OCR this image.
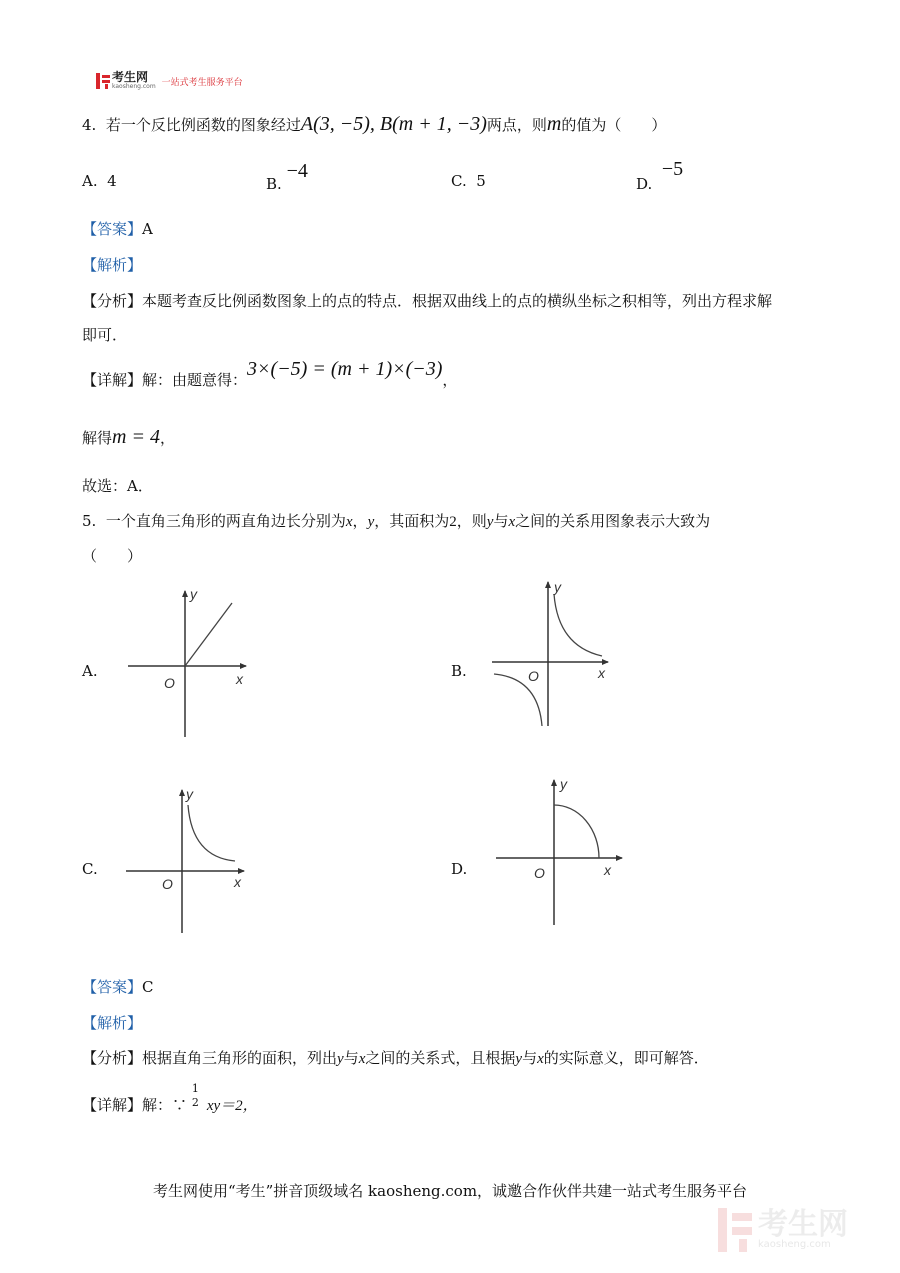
考生网
kaosheng.com 一站式考生服务平台
4. 若一个反比例函数的图象经过A(3, −5), B(m + 1, −3)两点，则m的值为（　　）
A. 4	B. −4	C. 5	D.  −5
【答案】A
【解析】
【分析】本题考查反比例函数图象上的点的特点．根据双曲线上的点的横纵坐标之积相等，列出方程求解
即可．
【详解】解：由题意得：3×(−5) = (m + 1)×(−3)，
解得m = 4，
故选：A．
5. 一个直角三角形的两直角边长分别为x，y，其面积为2，则y与x之间的关系用图象表示大致为
（　　）
A.	B.
C.	D.
y
x
O
y
x
O
y
x
O
y
x
O
【答案】C
【解析】
【分析】根据直角三角形的面积，列出y与x之间的关系式，且根据y与x的实际意义，即可解答．
【详解】解：∵
1
2 xy＝2，
考生网使用“考生”拼音顶级域名 kaosheng.com，诚邀合作伙伴共建一站式考生服务平台
考生网
kaosheng.com
